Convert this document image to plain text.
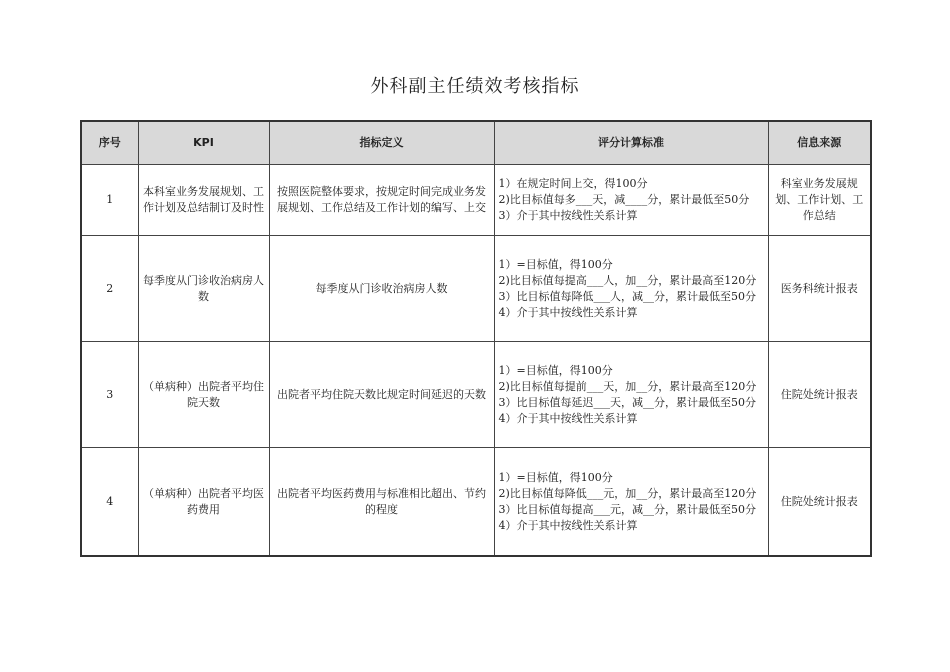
外科副主任绩效考核指标
序号	KPI	指标定义	评分计算标准	信息来源
1	本科室业务发展规划、工作计划及总结制订及时性	按照医院整体要求，按规定时间完成业务发展规划、工作总结及工作计划的编写、上交	1）在规定时间上交，得100分
2)比目标值每多___天，减____分，累计最低至50分
3）介于其中按线性关系计算	科室业务发展规划、工作计划、工作总结
2	每季度从门诊收治病房人数	每季度从门诊收治病房人数	1）=目标值，得100分
2)比目标值每提高___人，加__分，累计最高至120分
3）比目标值每降低___人，减__分，累计最低至50分
4）介于其中按线性关系计算	医务科统计报表
3	（单病种）出院者平均住院天数	出院者平均住院天数比规定时间延迟的天数	1）=目标值，得100分
2)比目标值每提前___天，加__分，累计最高至120分
3）比目标值每延迟___天，减__分，累计最低至50分
4）介于其中按线性关系计算	住院处统计报表
4	（单病种）出院者平均医药费用	出院者平均医药费用与标准相比超出、节约的程度	1）=目标值，得100分
2)比目标值每降低___元，加__分，累计最高至120分
3）比目标值每提高___元，减__分，累计最低至50分
4）介于其中按线性关系计算	住院处统计报表
